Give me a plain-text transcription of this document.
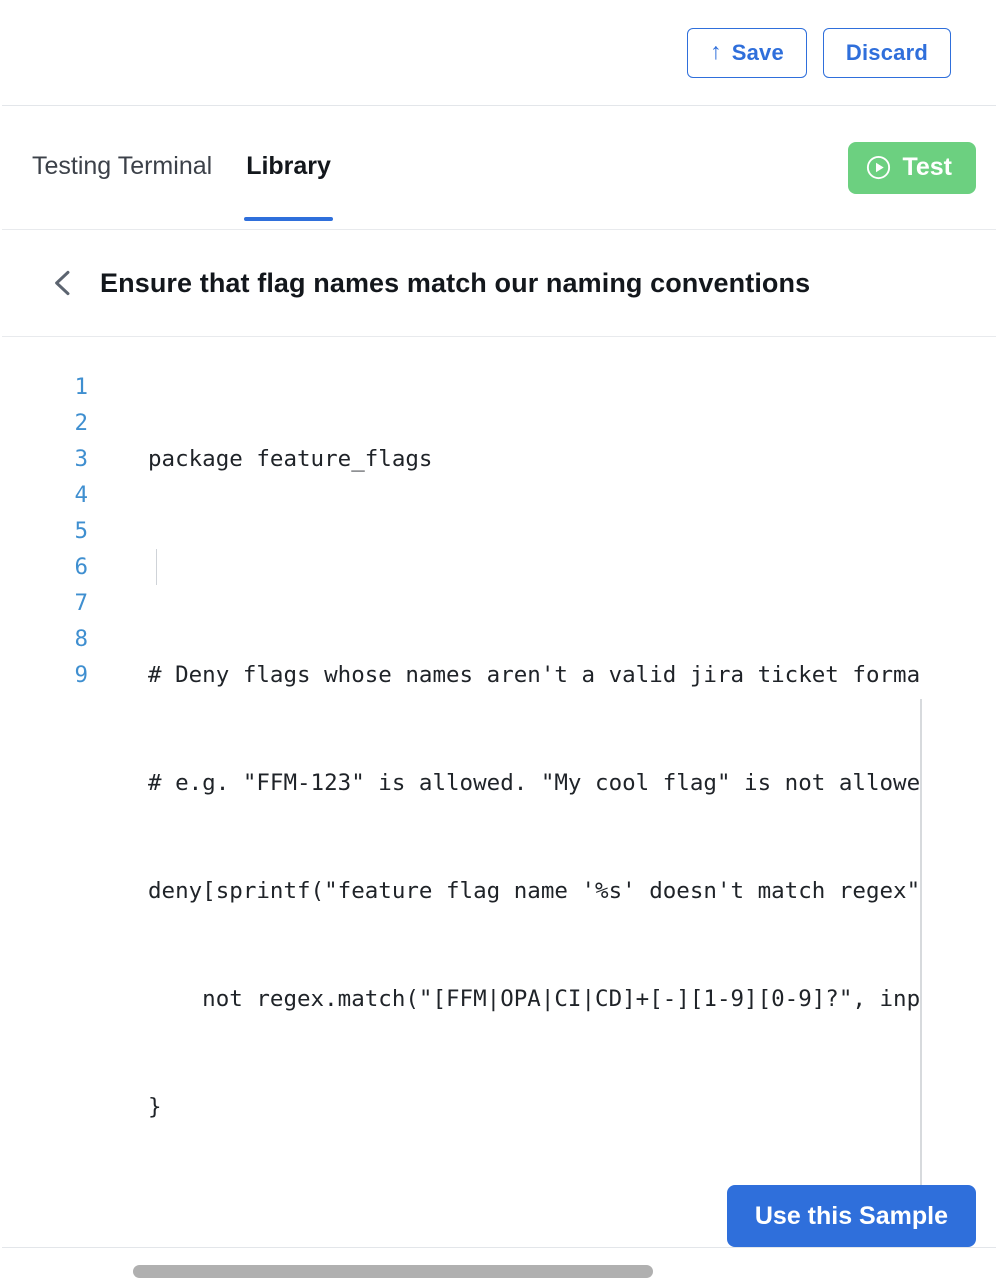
↑ Save	Discard
Testing Terminal Library	Test
Ensure that flag names match our naming conventions
1
2
3
4
5
6
7
8
9

package feature_flags

# Deny flags whose names aren't a valid jira ticket forma

# e.g. "FFM-123" is allowed. "My cool flag" is not allowe

deny[sprintf("feature flag name '%s' doesn't match regex"

not regex.match("[FFM|OPA|CI|CD]+[-][1-9][0-9]?", inp

}

Use this Sample
